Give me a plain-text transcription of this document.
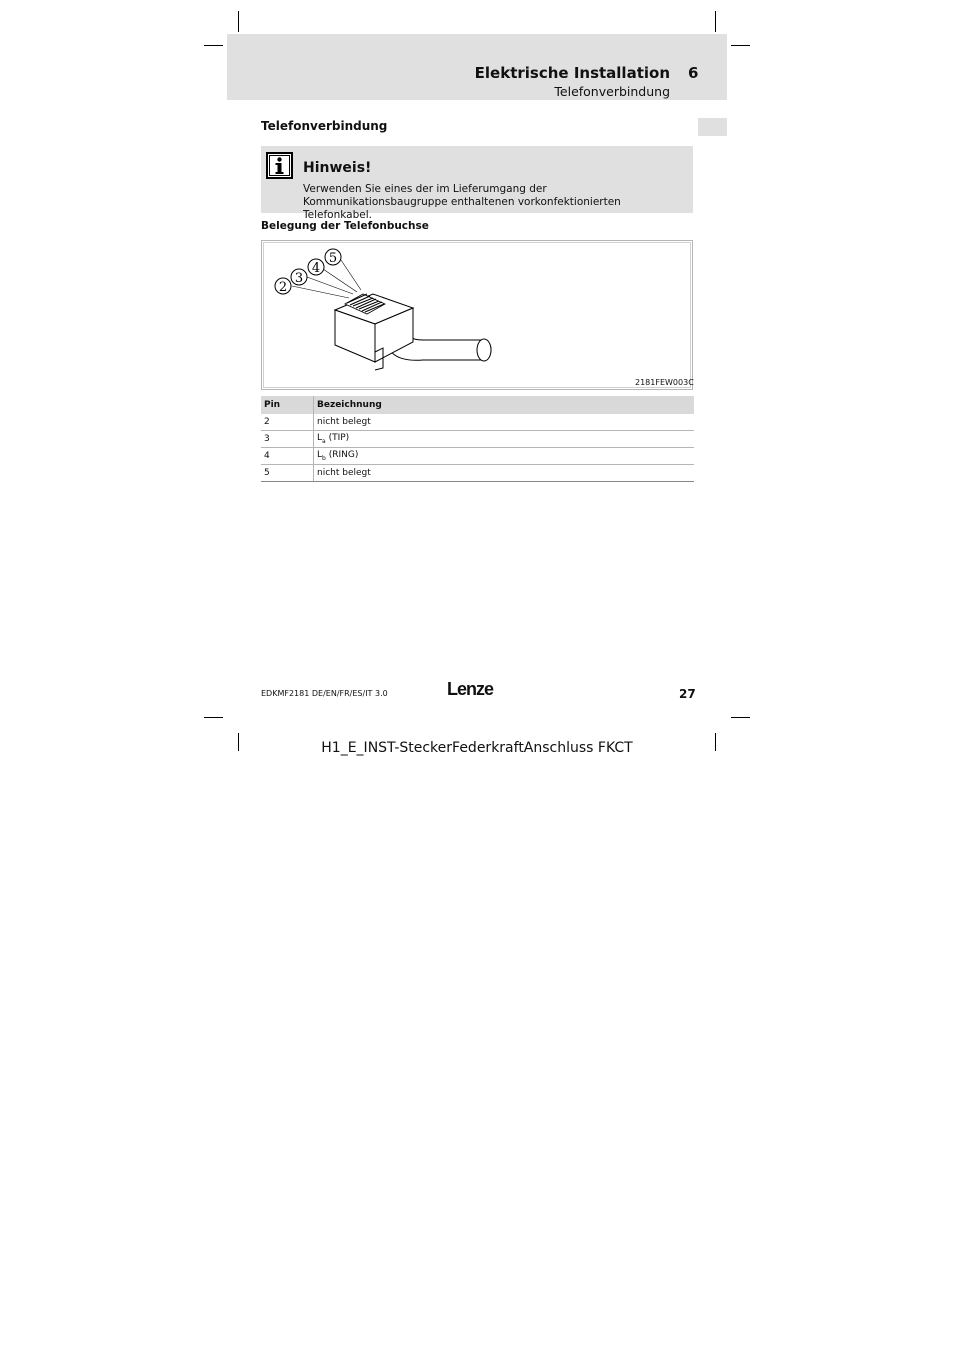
Elektrische Installation 6
Telefonverbindung
Telefonverbindung
Hinweis!
Verwenden Sie eines der im Lieferumgang der Kommunikationsbaugruppe enthaltenen vorkonfektionierten Telefonkabel.
Belegung der Telefonbuchse
2
3
4
5
2181FEW003C
Pin	Bezeichnung
2	nicht belegt
3	$L_a$ (TIP)
4	$L_b$ (RING)
5	nicht belegt
EDKMF2181 DE/EN/FR/ES/IT 3.0	Lenze	27
H1_E_INST-SteckerFederkraftAnschluss FKCT
